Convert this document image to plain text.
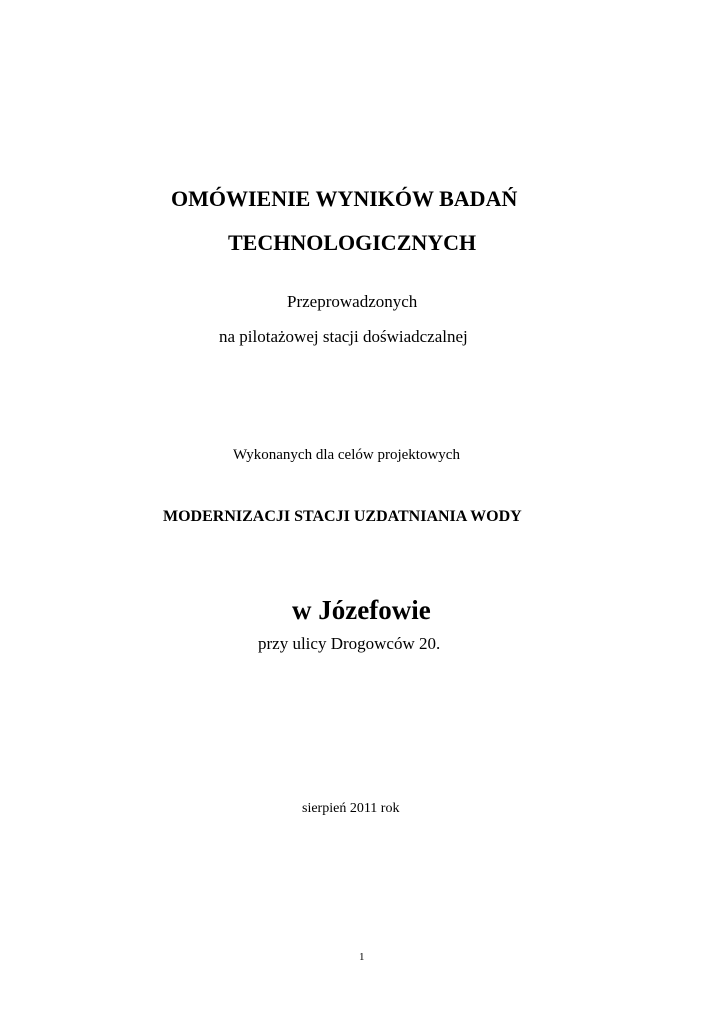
OMÓWIENIE WYNIKÓW BADAŃ
TECHNOLOGICZNYCH
Przeprowadzonych
na pilotażowej stacji doświadczalnej
Wykonanych dla celów projektowych
MODERNIZACJI STACJI UZDATNIANIA WODY
w Józefowie
przy ulicy Drogowców 20.
sierpień 2011 rok
1
